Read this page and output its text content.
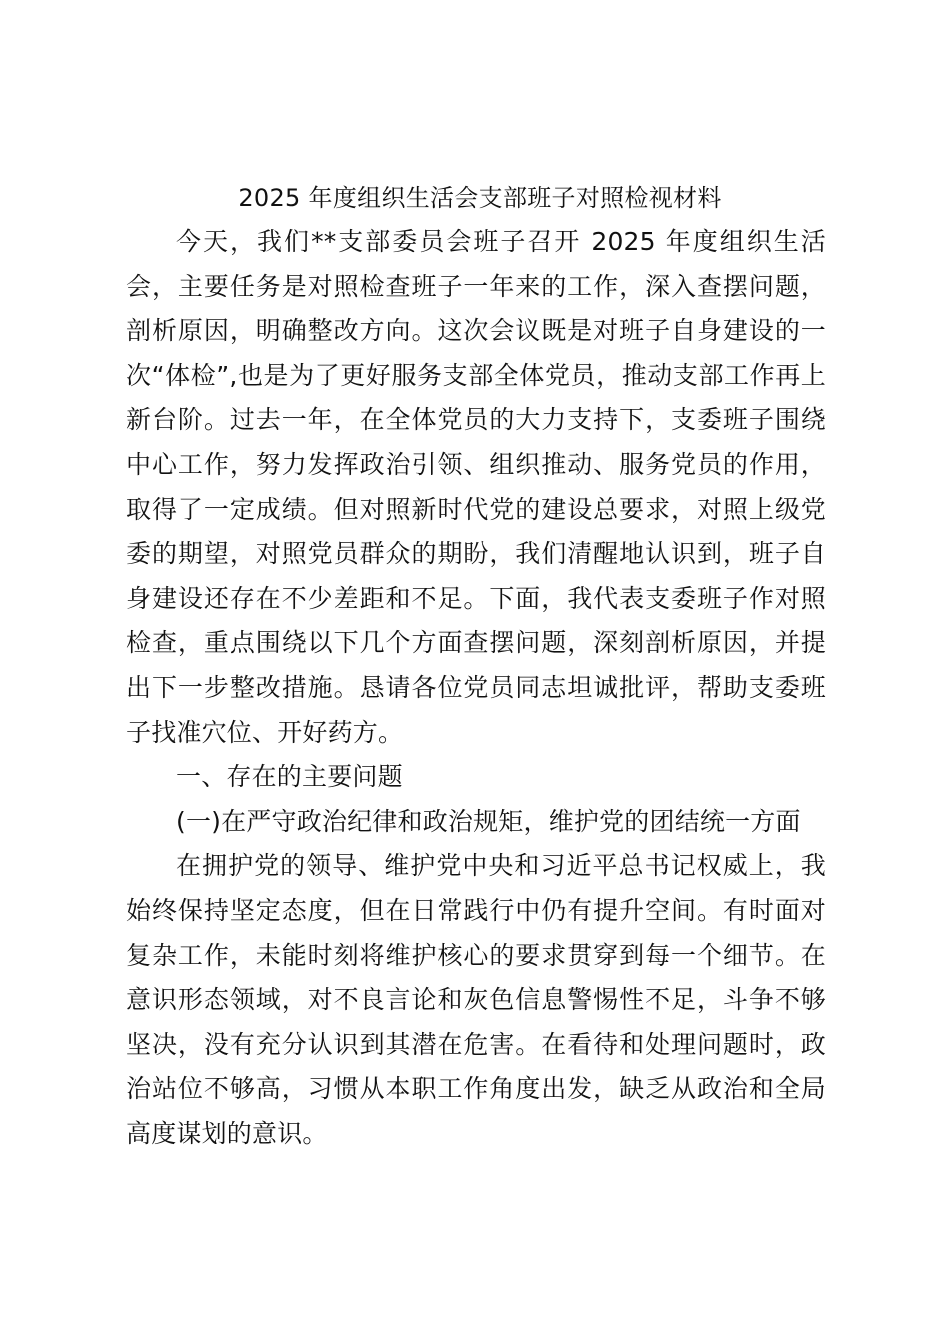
2025 年度组织生活会支部班子对照检视材料

今天，我们**支部委员会班子召开 2025 年度组织生活会，主要任务是对照检查班子一年来的工作，深入查摆问题，剖析原因，明确整改方向。这次会议既是对班子自身建设的一次“体检”,也是为了更好服务支部全体党员，推动支部工作再上新台阶。过去一年，在全体党员的大力支持下，支委班子围绕中心工作，努力发挥政治引领、组织推动、服务党员的作用，取得了一定成绩。但对照新时代党的建设总要求，对照上级党委的期望，对照党员群众的期盼，我们清醒地认识到，班子自身建设还存在不少差距和不足。下面，我代表支委班子作对照检查，重点围绕以下几个方面查摆问题，深刻剖析原因，并提出下一步整改措施。恳请各位党员同志坦诚批评，帮助支委班子找准穴位、开好药方。

一、存在的主要问题

(一)在严守政治纪律和政治规矩，维护党的团结统一方面

在拥护党的领导、维护党中央和习近平总书记权威上，我始终保持坚定态度，但在日常践行中仍有提升空间。有时面对复杂工作，未能时刻将维护核心的要求贯穿到每一个细节。在意识形态领域，对不良言论和灰色信息警惕性不足，斗争不够坚决，没有充分认识到其潜在危害。在看待和处理问题时，政治站位不够高，习惯从本职工作角度出发，缺乏从政治和全局高度谋划的意识。
